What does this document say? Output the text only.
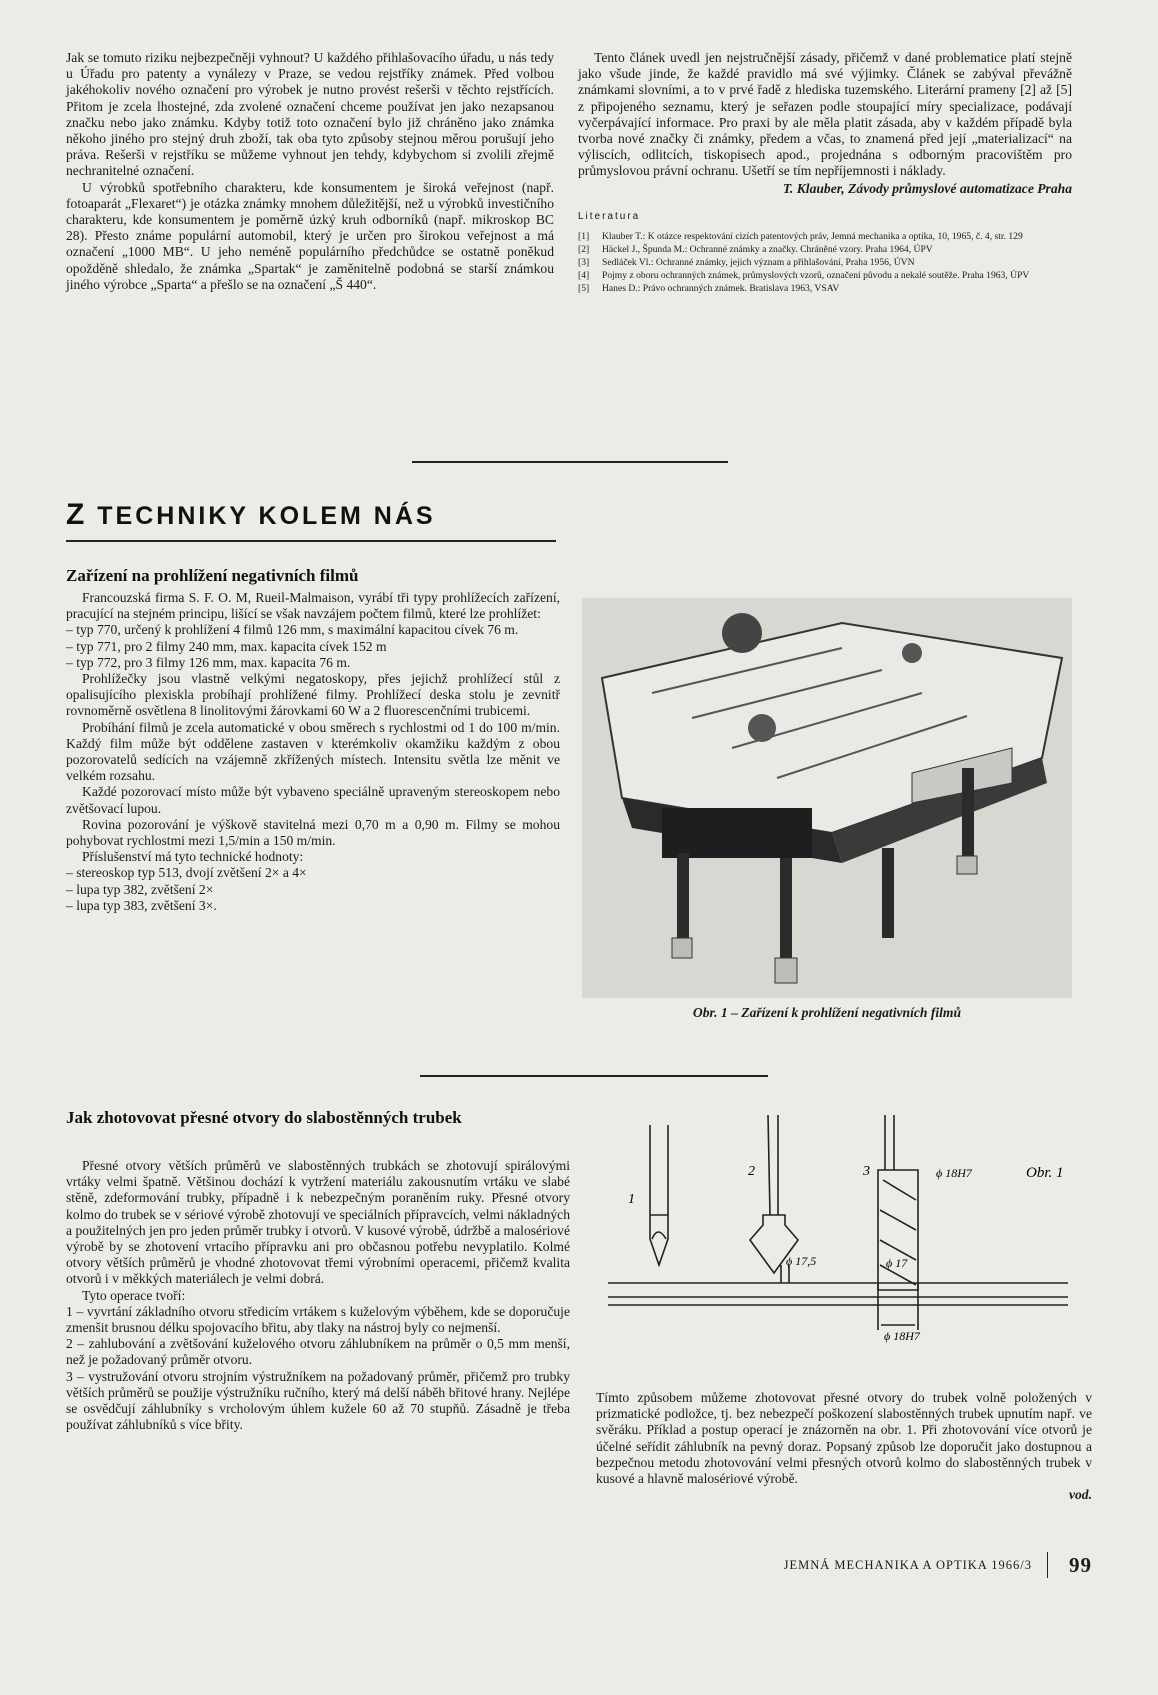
Jak se tomuto riziku nejbezpečněji vyhnout? U každého přihlašovacího úřadu, u nás tedy u Úřadu pro patenty a vynálezy v Praze, se vedou rejstříky známek. Před volbou jakéhokoliv nového označení pro výrobek je nutno provést rešerši v těchto rejstřících. Přitom je zcela lhostejné, zda zvolené označení chceme používat jen jako nezapsanou značku nebo jako známku. Kdyby totiž toto označení bylo již chráněno jako známka někoho jiného pro stejný druh zboží, tak oba tyto způsoby stejnou měrou porušují jeho práva. Rešerši v rejstříku se můžeme vyhnout jen tehdy, kdybychom si zvolili zřejmě nechranitelné označení.

U výrobků spotřebního charakteru, kde konsumentem je široká veřejnost (např. fotoaparát „Flexaret“) je otázka známky mnohem důležitější, než u výrobků investičního charakteru, kde konsumentem je poměrně úzký kruh odborníků (např. mikroskop BC 28). Přesto známe populární automobil, který je určen pro širokou veřejnost a má označení „1000 MB“. U jeho neméně populárního předchůdce se ostatně poněkud opožděně shledalo, že známka „Spartak“ je zaměnitelně podobná se starší známkou jiného výrobce „Sparta“ a přešlo se na označení „Š 440“.

Tento článek uvedl jen nejstručnější zásady, přičemž v dané problematice platí stejně jako všude jinde, že každé pravidlo má své výjimky. Článek se zabýval převážně známkami slovními, a to v prvé řadě z hlediska tuzemského. Literární prameny [2] až [5] z připojeného seznamu, který je seřazen podle stoupající míry specializace, podávají vyčerpávající informace. Pro praxi by ale měla platit zásada, aby v každém případě byla tvorba nové značky či známky, předem a včas, to znamená před její „materializací“ na výliscích, odlitcích, tiskopisech apod., projednána s odborným pracovištěm pro průmyslovou právní ochranu. Ušetří se tím nepříjemnosti i náklady.

T. Klauber, Závody průmyslové automatizace Praha
Literatura
[1]	Klauber T.: K otázce respektování cizích patentových práv, Jemná mechanika a optika, 10, 1965, č. 4, str. 129
[2]	Häckel J., Špunda M.: Ochranné známky a značky. Chráněné vzory. Praha 1964, ÚPV
[3]	Sedláček Vl.: Ochranné známky, jejich význam a přihlašování, Praha 1956, ÚVN
[4]	Pojmy z oboru ochranných známek, průmyslových vzorů, označení původu a nekalé soutěže. Praha 1963, ÚPV
[5]	Hanes D.: Právo ochranných známek. Bratislava 1963, VSAV
Z TECHNIKY KOLEM NÁS
Zařízení na prohlížení negativních filmů

Francouzská firma S. F. O. M, Rueil-Malmaison, vyrábí tři typy prohlížecích zařízení, pracující na stejném principu, lišící se však navzájem počtem filmů, které lze prohlížet:

– typ 770, určený k prohlížení 4 filmů 126 mm, s maximální kapacitou cívek 76 m.

– typ 771, pro 2 filmy 240 mm, max. kapacita cívek 152 m

– typ 772, pro 3 filmy 126 mm, max. kapacita 76 m.

Prohlížečky jsou vlastně velkými negatoskopy, přes jejichž prohlížecí stůl z opalisujícího plexiskla probíhají prohlížené filmy. Prohlížecí deska stolu je zevnitř rovnoměrně osvětlena 8 linolitovými žárovkami 60 W a 2 fluorescenčními trubicemi.

Probíhání filmů je zcela automatické v obou směrech s rychlostmi od 1 do 100 m/min. Každý film může být oddělene zastaven v kterémkoliv okamžiku každým z obou pozorovatelů sedících na vzájemně zkřížených místech. Intensitu světla lze měnit ve velkém rozsahu.

Každé pozorovací místo může být vybaveno speciálně upraveným stereoskopem nebo zvětšovací lupou.

Rovina pozorování je výškově stavitelná mezi 0,70 m a 0,90 m. Filmy se mohou pohybovat rychlostmi mezi 1,5/min a 150 m/min.

Příslušenství má tyto technické hodnoty:

– stereoskop typ 513, dvojí zvětšení 2× a 4×

– lupa typ 382, zvětšení 2×

– lupa typ 383, zvětšení 3×.

Obr. 1 – Zařízení k prohlížení negativních filmů
Jak zhotovovat přesné otvory do slabostěnných trubek

Přesné otvory větších průměrů ve slabostěnných trubkách se zhotovují spirálovými vrtáky velmi špatně. Většinou dochází k vytržení materiálu zakousnutím vrtáku ve slabé stěně, zdeformování trubky, případně i k nebezpečným poraněním ruky. Přesné otvory kolmo do trubek se v sériové výrobě zhotovují ve speciálních přípravcích, velmi nákladných a použitelných jen pro jeden průměr trubky i otvorů. V kusové výrobě, údržbě a malosériové výrobě by se zhotovení vrtacího přípravku ani pro občasnou potřebu nevyplatilo. Kolmé otvory větších průměrů je vhodné zhotovovat třemi výrobními operacemi, přičemž kvalita otvorů i v měkkých materiálech je velmi dobrá.

Tyto operace tvoří:

1 – vyvrtání základního otvoru středicím vrtákem s kuželovým výběhem, kde se doporučuje zmenšit brusnou délku spojovacího břitu, aby tlaky na nástroj byly co nejmenší.

2 – zahlubování a zvětšování kuželového otvoru záhlubníkem na průměr o 0,5 mm menší, než je požadovaný průměr otvoru.

3 – vystružování otvoru strojním výstružníkem na požadovaný průměr, přičemž pro trubky větších průměrů se použije výstružníku ručního, který má delší náběh břitové hrany. Nejlépe se osvědčují záhlubníky s vrcholovým úhlem kužele 60 až 70 stupňů. Zásadně je třeba používat záhlubníků s více břity.

1
2	3	Obr. 1
ϕ 18H7
ϕ 17,5	ϕ 17
ϕ 18H7

Tímto způsobem můžeme zhotovovat přesné otvory do trubek volně položených v prizmatické podložce, tj. bez nebezpečí poškození slabostěnných trubek upnutím např. ve svěráku. Příklad a postup operací je znázorněn na obr. 1. Při zhotovování více otvorů je účelné seřídit záhlubník na pevný doraz. Popsaný způsob lze doporučit jako dostupnou a bezpečnou metodu zhotovování velmi přesných otvorů kolmo do slabostěnných trubek v kusové a hlavně malosériové výrobě.

vod.
JEMNÁ MECHANIKA A OPTIKA 1966/3 99
